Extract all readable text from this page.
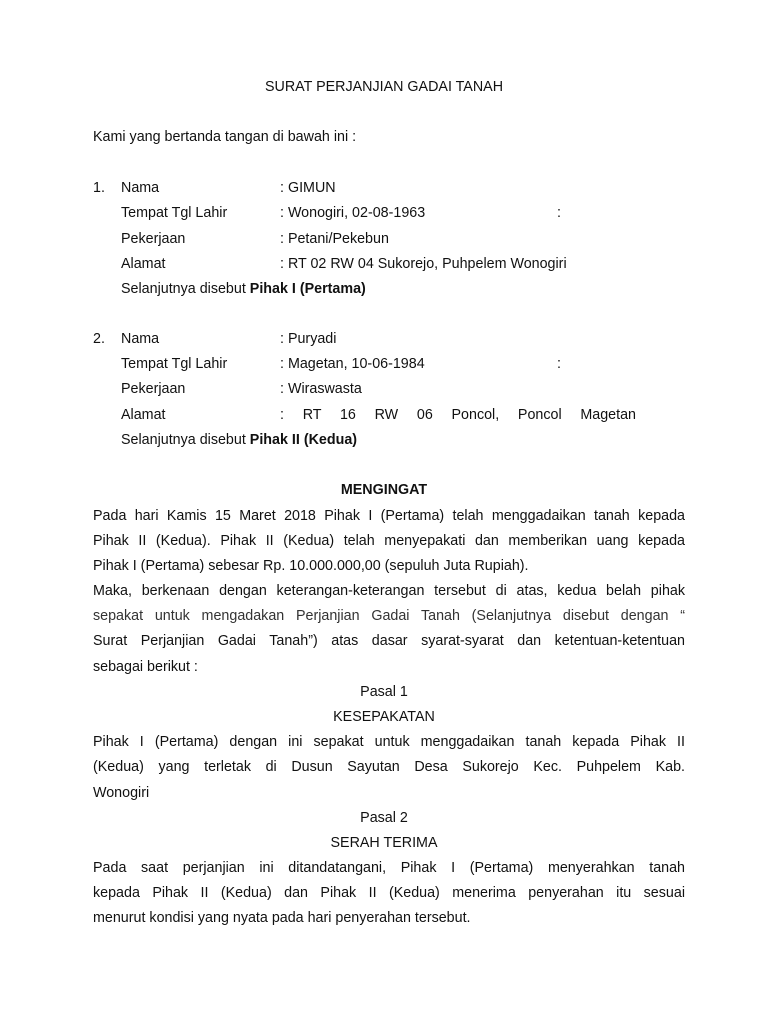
SURAT PERJANJIAN GADAI TANAH
Kami yang bertanda tangan di bawah ini :
1. Nama	: GIMUN
Tempat Tgl Lahir	: Wonogiri, 02-08-1963	:
Pekerjaan	: Petani/Pekebun
Alamat	: RT 02 RW 04 Sukorejo, Puhpelem Wonogiri
Selanjutnya disebut Pihak I (Pertama)
2. Nama	: Puryadi
Tempat Tgl Lahir	: Magetan, 10-06-1984	:
Pekerjaan	: Wiraswasta
Alamat	:   RT   16   RW   06   Poncol,   Poncol   Magetan
Selanjutnya disebut Pihak II (Kedua)
MENGINGAT
Pada hari Kamis 15 Maret 2018 Pihak I (Pertama) telah menggadaikan tanah kepada
Pihak II (Kedua). Pihak II (Kedua) telah menyepakati dan memberikan uang kepada
Pihak I (Pertama) sebesar Rp. 10.000.000,00 (sepuluh Juta Rupiah).
Maka, berkenaan dengan keterangan-keterangan tersebut di atas, kedua belah pihak
sepakat untuk mengadakan Perjanjian Gadai Tanah (Selanjutnya disebut dengan “
Surat Perjanjian Gadai Tanah”) atas dasar syarat-syarat dan ketentuan-ketentuan
sebagai berikut :
Pasal 1
KESEPAKATAN
Pihak I (Pertama) dengan ini sepakat untuk menggadaikan tanah kepada Pihak II
(Kedua) yang terletak di Dusun Sayutan Desa Sukorejo Kec. Puhpelem Kab.
Wonogiri
Pasal 2
SERAH TERIMA
Pada saat perjanjian ini ditandatangani, Pihak I (Pertama) menyerahkan tanah
kepada Pihak II (Kedua) dan Pihak II (Kedua) menerima penyerahan itu sesuai
menurut kondisi yang nyata pada hari penyerahan tersebut.
